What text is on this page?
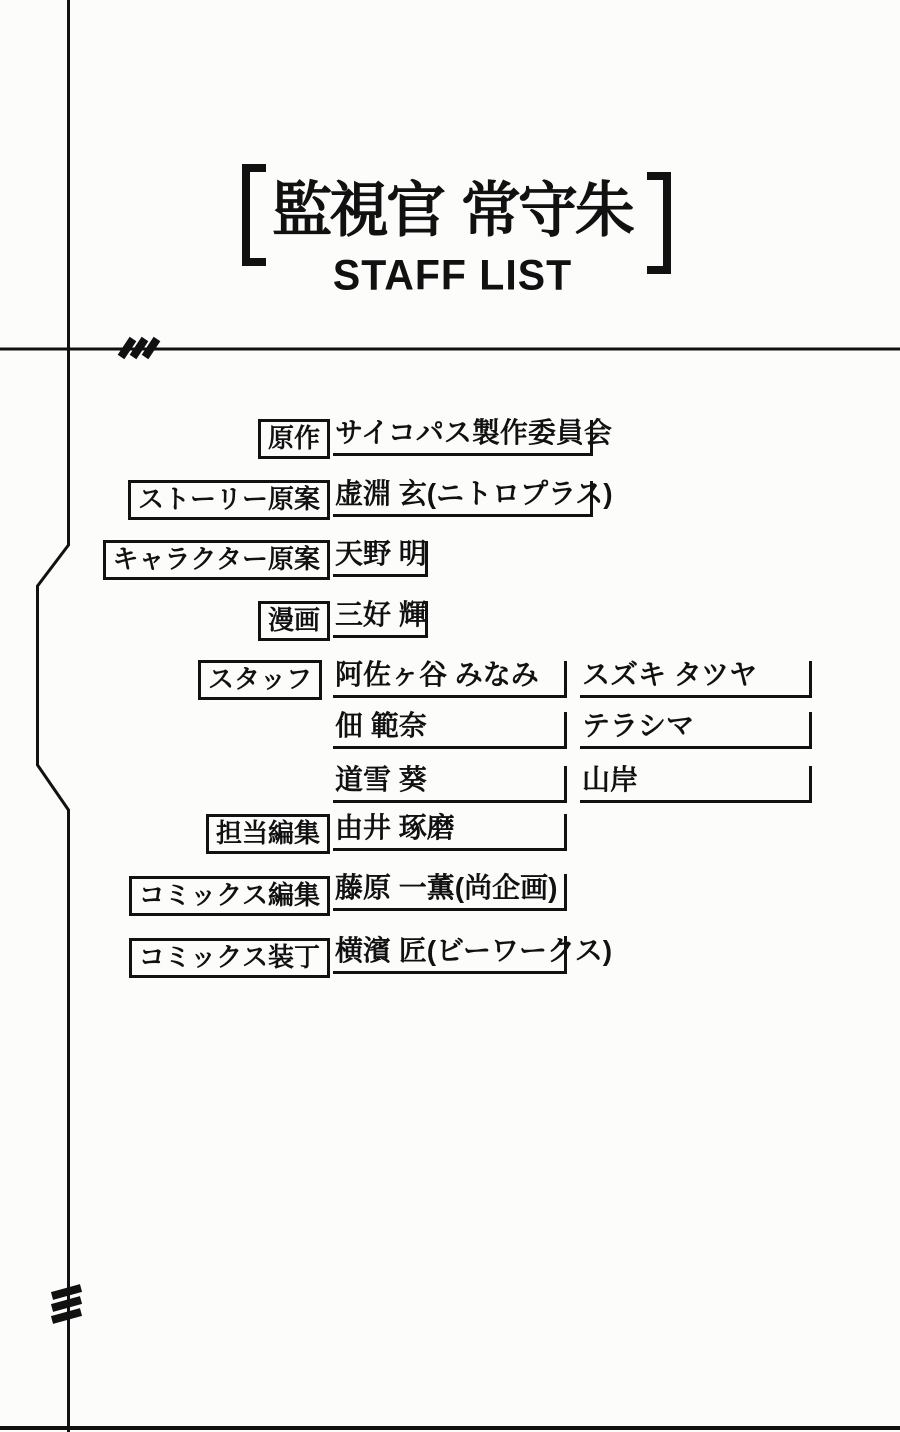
監視官 常守朱
STAFF LIST
原作 サイコパス製作委員会
ストーリー原案 虚淵 玄(ニトロプラス)
キャラクター原案 天野 明
漫画 三好 輝
スタッフ 阿佐ヶ谷 みなみ	スズキ タツヤ
佃 範奈	テラシマ
道雪 葵	山岸
担当編集 由井 琢磨
コミックス編集 藤原 一薫(尚企画)
コミックス装丁 横濱 匠(ビーワークス)
